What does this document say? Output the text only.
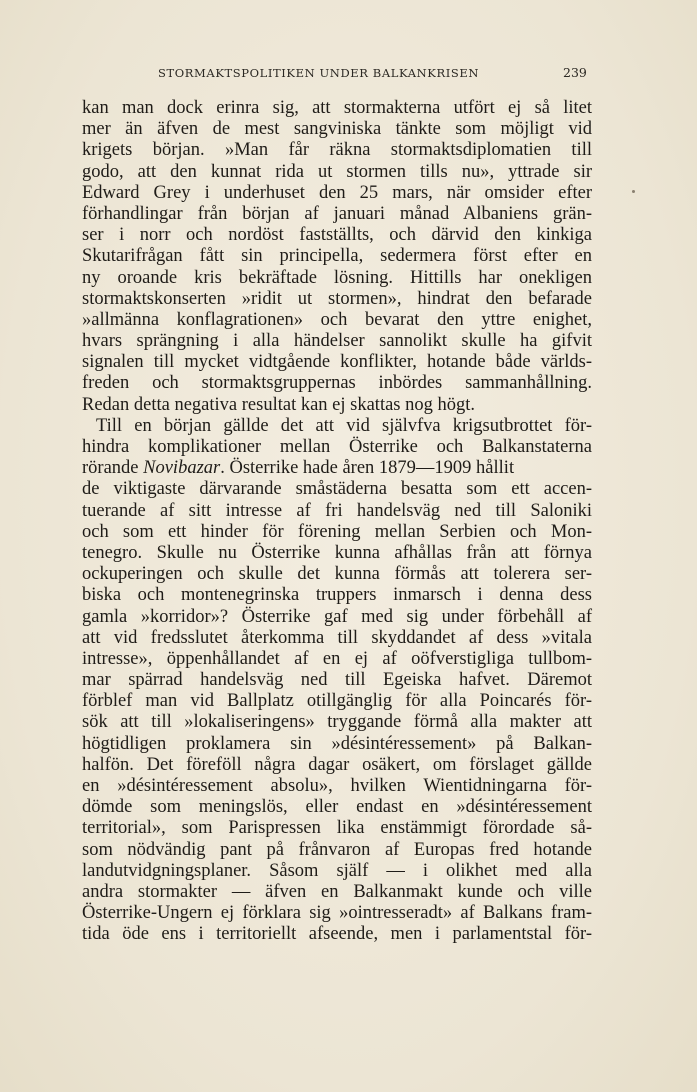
STORMAKTSPOLITIKEN UNDER BALKANKRISEN	239
kan man dock erinra sig, att stormakterna utfört ej så litet
mer än äfven de mest sangviniska tänkte som möjligt vid
krigets början. »Man får räkna stormaktsdiplomatien till
godo, att den kunnat rida ut stormen tills nu», yttrade sir
Edward Grey i underhuset den 25 mars, när omsider efter
förhandlingar från början af januari månad Albaniens grän-
ser i norr och nordöst fastställts, och därvid den kinkiga
Skutarifrågan fått sin principella, sedermera först efter en
ny oroande kris bekräftade lösning. Hittills har onekligen
stormaktskonserten »ridit ut stormen», hindrat den befarade
»allmänna konflagrationen» och bevarat den yttre enighet,
hvars sprängning i alla händelser sannolikt skulle ha gifvit
signalen till mycket vidtgående konflikter, hotande både världs-
freden och stormaktsgruppernas inbördes sammanhållning.
Redan detta negativa resultat kan ej skattas nog högt.
Till en början gällde det att vid självfva krigsutbrottet för-
hindra komplikationer mellan Österrike och Balkanstaterna
rörande Novibazar. Österrike hade åren 1879—1909 hållit
de viktigaste därvarande småstäderna besatta som ett accen-
tuerande af sitt intresse af fri handelsväg ned till Saloniki
och som ett hinder för förening mellan Serbien och Mon-
tenegro. Skulle nu Österrike kunna afhållas från att förnya
ockuperingen och skulle det kunna förmås att tolerera ser-
biska och montenegrinska truppers inmarsch i denna dess
gamla »korridor»? Österrike gaf med sig under förbehåll af
att vid fredsslutet återkomma till skyddandet af dess »vitala
intresse», öppenhållandet af en ej af oöfverstigliga tullbom-
mar spärrad handelsväg ned till Egeiska hafvet. Däremot
förblef man vid Ballplatz otillgänglig för alla Poincarés för-
sök att till »lokaliseringens» tryggande förmå alla makter att
högtidligen proklamera sin »désintéressement» på Balkan-
halfön. Det föreföll några dagar osäkert, om förslaget gällde
en »désintéressement absolu», hvilken Wientidningarna för-
dömde som meningslös, eller endast en »désintéressement
territorial», som Parispressen lika enstämmigt förordade så-
som nödvändig pant på frånvaron af Europas fred hotande
landutvidgningsplaner. Såsom själf — i olikhet med alla
andra stormakter — äfven en Balkanmakt kunde och ville
Österrike-Ungern ej förklara sig »ointresseradt» af Balkans fram-
tida öde ens i territoriellt afseende, men i parlamentstal för-
